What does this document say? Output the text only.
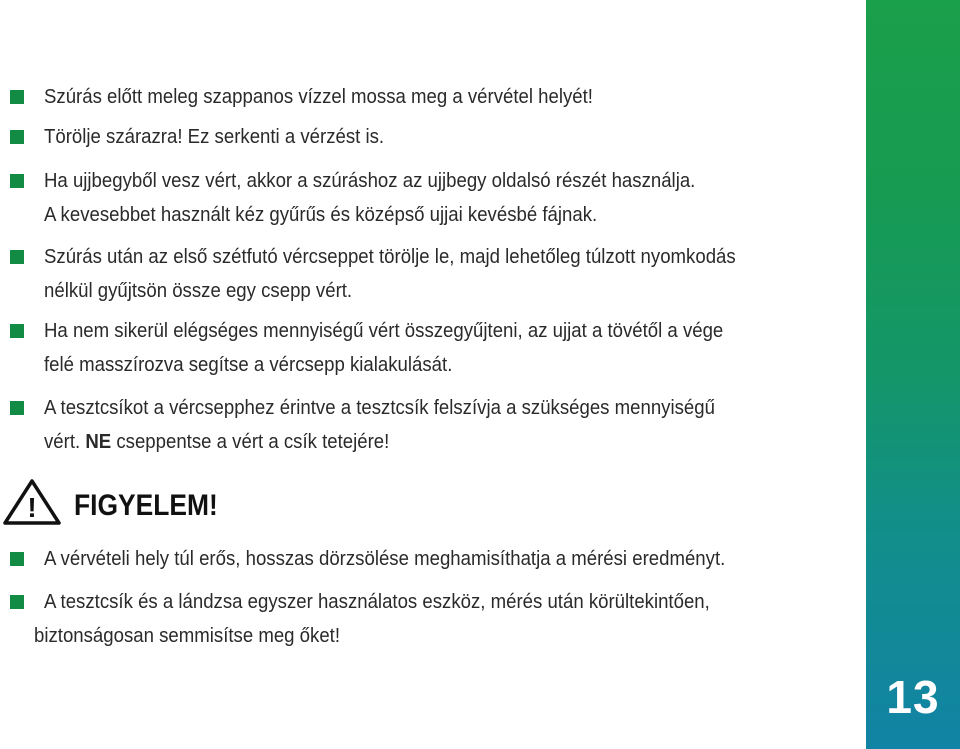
Szúrás előtt meleg szappanos vízzel mossa meg a vérvétel helyét!
Törölje szárazra! Ez serkenti a vérzést is.
Ha ujjbegyből vesz vért, akkor a szúráshoz az ujjbegy oldalsó részét használja.
A kevesebbet használt kéz gyűrűs és középső ujjai kevésbé fájnak.
Szúrás után az első szétfutó vércseppet törölje le, majd lehetőleg túlzott nyomkodás
nélkül gyűjtsön össze egy csepp vért.
Ha nem sikerül elégséges mennyiségű vért összegyűjteni, az ujjat a tövétől a vége
felé masszírozva segítse a vércsepp kialakulását.
A tesztcsíkot a vércsepphez érintve a tesztcsík felszívja a szükséges mennyiségű
vért. NE cseppentse a vért a csík tetejére!
! FIGYELEM!
A vérvételi hely túl erős, hosszas dörzsölése meghamisíthatja a mérési eredményt.
A tesztcsík és a lándzsa egyszer használatos eszköz, mérés után körültekintően,
biztonságosan semmisítse meg őket!
13
